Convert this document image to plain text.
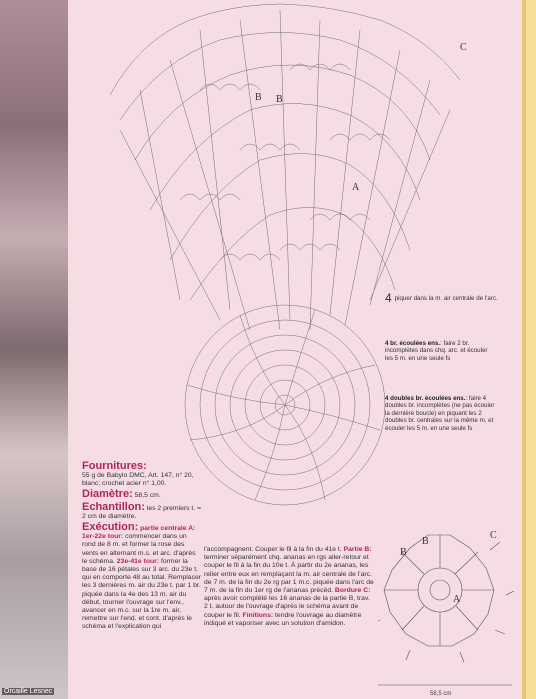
Orcaille Lesnec
C
B B
A
4 piquer dans la m. air centrale de l'arc.
4 br. écoulées ens.: faire 2 br. incomplètes dans chq. arc. et écouler les 5 m. en une seule fs
4 doubles br. écoulées ens.: faire 4 doubles br. incomplètes (ne pas écouler la dernière boucle) en piquant les 2 doubles br. centrales sur la même m. et écouler les 5 m. en une seule fs
Fournitures:
55 g de Babylo DMC, Art. 147, n° 20, blanc; crochet acier n° 1,00.
Diamètre: 58,5 cm.
Echantillon: les 2 premiers t. = 2 cm de diamètre.
Exécution: partie centrale A: 1er-22e tour: commencer dans un rond de 8 m. et former la rose des vents en alternant m.s. et arc. d'après le schéma. 23e-41e tour: former la base de 16 pétales sur 3 arc. du 23e t. qui en comporte 48 au total. Remplacer les 3 dernières m. air du 23e t. par 1 br. piquée dans la 4e des 13 m. air du début, tourner l'ouvrage sur l'env., avancer en m.c. sur la 1re m. air, remettre sur l'end. et cont. d'après le schéma et l'explication qui
l'accompagnent. Couper le fil à la fin du 41e t. Partie B: terminer séparément chq. ananas en rgs aller-retour et couper le fil à la fin du 10e t. À partir du 2e ananas, les relier entre eux en remplaçant la m. air centrale de l'arc. de 7 m. de la fin du 2e rg par 1 m.c. piquée dans l'arc de 7 m. de la fin du 1er rg de l'ananas précéd. Bordure C: après avoir complété les 16 ananas de la partie B, trav. 2 t. autour de l'ouvrage d'après le schéma avant de couper le fil. Finitions: tendre l'ouvrage au diamètre indiqué et vaporiser avec un solution d'amidon.
B
B
A
C
58,5 cm
